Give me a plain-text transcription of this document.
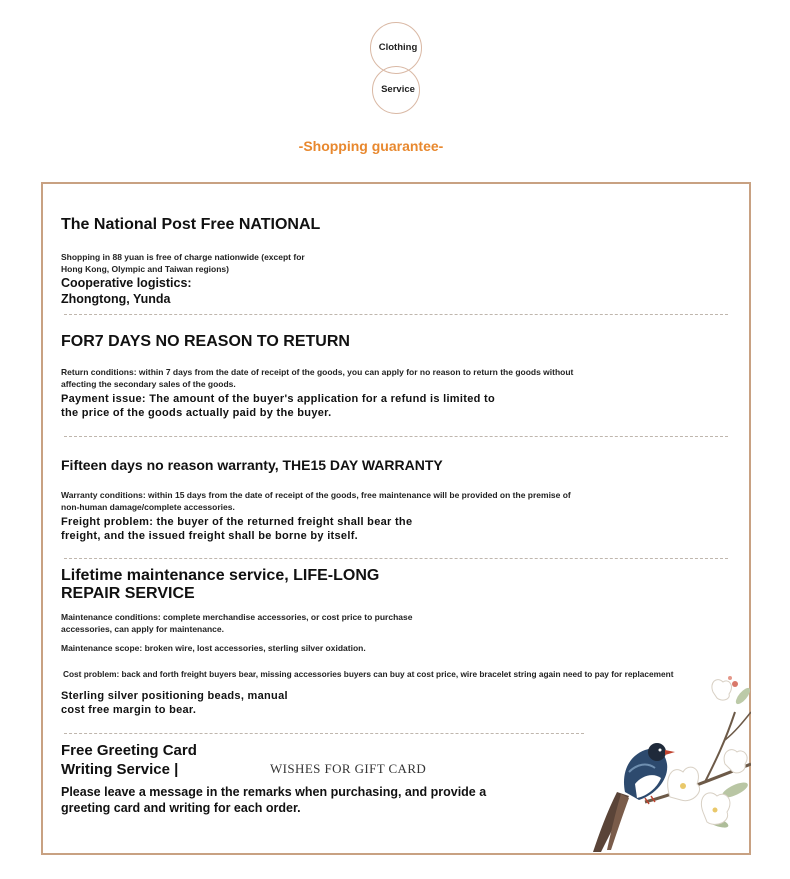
Clothing
Service
-Shopping guarantee-
The National Post Free NATIONAL
Shopping in 88 yuan is free of charge nationwide (except for
Hong Kong, Olympic and Taiwan regions)
Cooperative logistics:
Zhongtong, Yunda
FOR7 DAYS NO REASON TO RETURN
Return conditions: within 7 days from the date of receipt of the goods, you can apply for no reason to return the goods without
affecting the secondary sales of the goods.
Payment issue: The amount of the buyer's application for a refund is limited to
the price of the goods actually paid by the buyer.
Fifteen days no reason warranty, THE15 DAY WARRANTY
Warranty conditions: within 15 days from the date of receipt of the goods, free maintenance will be provided on the premise of
non-human damage/complete accessories.
Freight problem: the buyer of the returned freight shall bear the
freight, and the issued freight shall be borne by itself.
Lifetime maintenance service, LIFE-LONG
REPAIR SERVICE
Maintenance conditions: complete merchandise accessories, or cost price to purchase
accessories, can apply for maintenance.
Maintenance scope: broken wire, lost accessories, sterling silver oxidation.
Cost problem: back and forth freight buyers bear, missing accessories buyers can buy at cost price, wire bracelet string again need to pay for replacement
Sterling silver positioning beads, manual
cost free margin to bear.
Free Greeting Card
Writing Service |	WISHES FOR GIFT CARD
Please leave a message in the remarks when purchasing, and provide a
greeting card and writing for each order.
